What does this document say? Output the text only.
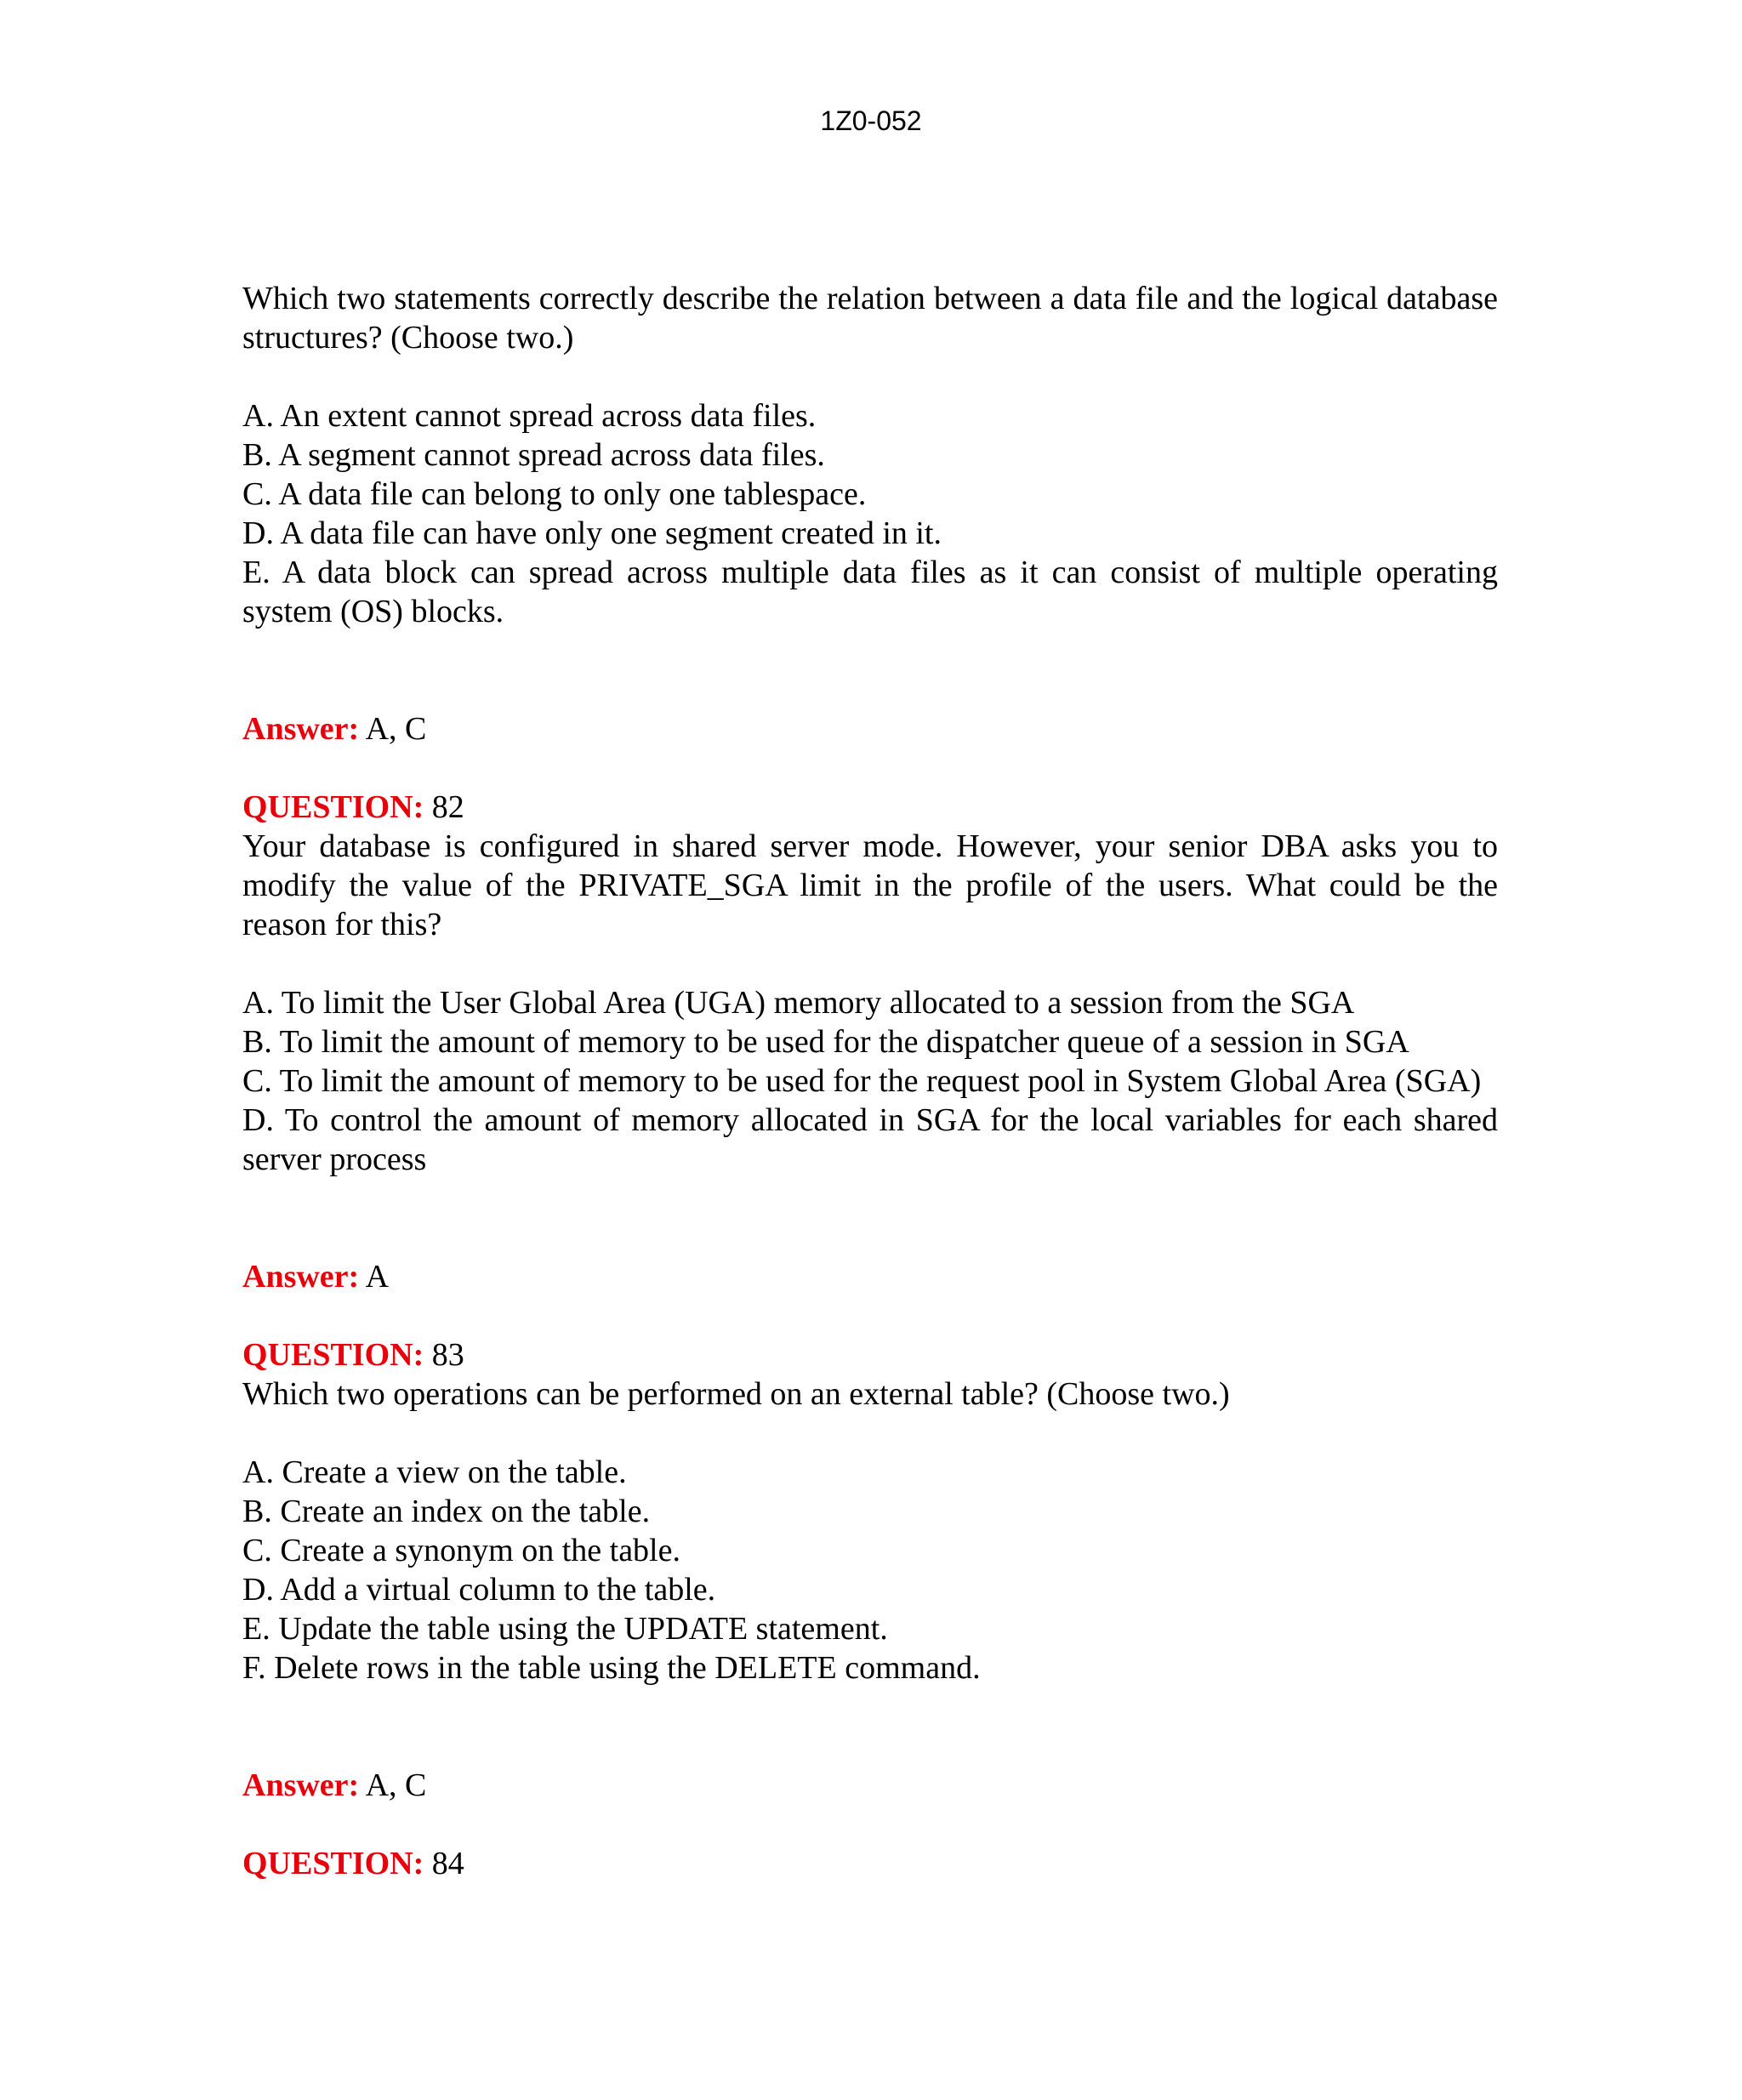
1Z0-052

Which two statements correctly describe the relation between a data file and the logical database structures? (Choose two.)

A. An extent cannot spread across data files.

B. A segment cannot spread across data files.

C. A data file can belong to only one tablespace.

D. A data file can have only one segment created in it.

E. A data block can spread across multiple data files as it can consist of multiple operating system (OS) blocks.

Answer: A, C

QUESTION: 82

Your database is configured in shared server mode. However, your senior DBA asks you to modify the value of the PRIVATE_SGA limit in the profile of the users. What could be the reason for this?

A. To limit the User Global Area (UGA) memory allocated to a session from the SGA

B. To limit the amount of memory to be used for the dispatcher queue of a session in SGA

C. To limit the amount of memory to be used for the request pool in System Global Area (SGA)

D. To control the amount of memory allocated in SGA for the local variables for each shared server process

Answer: A

QUESTION: 83

Which two operations can be performed on an external table? (Choose two.)

A. Create a view on the table.

B. Create an index on the table.

C. Create a synonym on the table.

D. Add a virtual column to the table.

E. Update the table using the UPDATE statement.

F. Delete rows in the table using the DELETE command.

Answer: A, C

QUESTION: 84
